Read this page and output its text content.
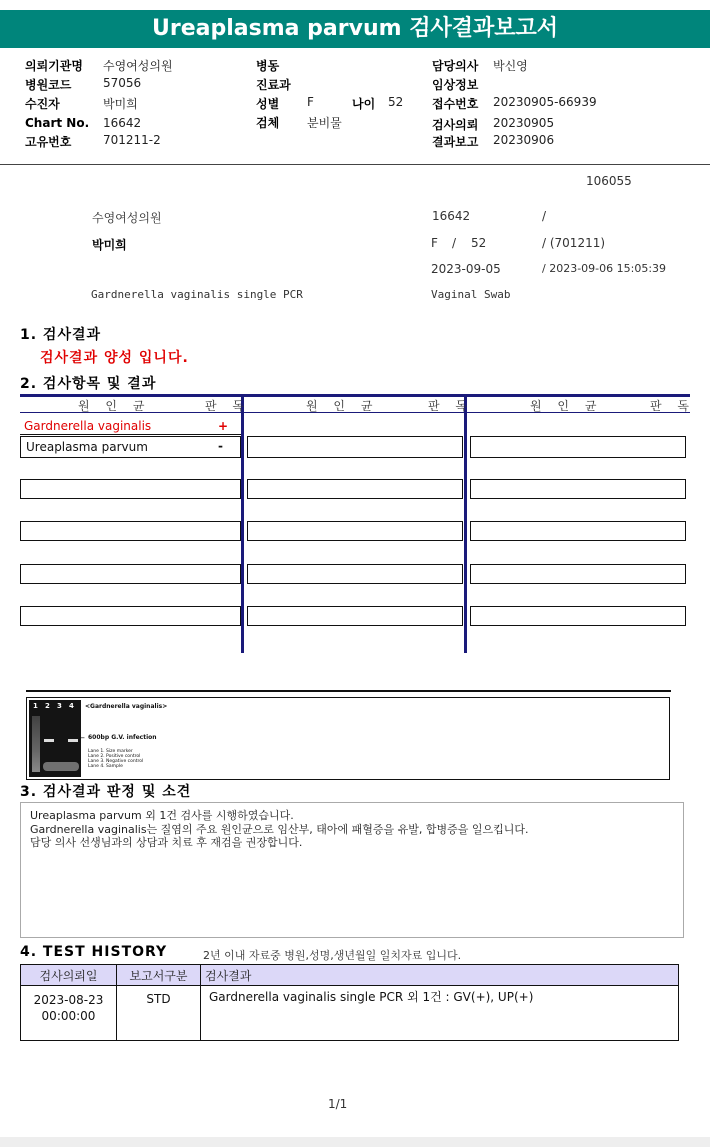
Ureaplasma parvum 검사결과보고서
의뢰기관명 수영여성의원
병원코드	57056
수진자	박미희
Chart No. 16642
고유번호	701211-2
병동
진료과
성별 F	나이 52
검체 분비물
담당의사 박신영
임상정보
접수번호 20230905-66939
검사의뢰 20230905
결과보고 20230906
106055
수영여성의원	16642	/
박미희	F / 52	/ (701211)
2023-09-05	/ 2023-09-06 15:05:39
Gardnerella vaginalis single PCR	Vaginal Swab
1. 검사결과
검사결과 양성 입니다.
2. 검사항목 및 결과
원 인 균	판 독	원 인 균	판 독	원 인 균	판 독
Gardnerella vaginalis	+
Ureaplasma parvum	-
1 2 3 4 <Gardnerella vaginalis>
← 600bp G.V. infection
Lane 1. Size marker
Lane 2. Positive control
Lane 3. Negative control
Lane 4. Sample
3. 검사결과 판정 및 소견
Ureaplasma parvum 외 1건 검사를 시행하였습니다.
Gardnerella vaginalis는 질염의 주요 원인균으로 임산부, 태아에 패혈증을 유발, 합병증을 일으킵니다.
담당 의사 선생님과의 상담과 치료 후 재검을 권장합니다.
4. TEST HISTORY	2년 이내 자료중 병원,성명,생년월일 일치자료 입니다.
검사의뢰일	보고서구분	검사결과

2023-08-23
00:00:00	STD	Gardnerella vaginalis single PCR 외 1건 : GV(+), UP(+)
1/1
